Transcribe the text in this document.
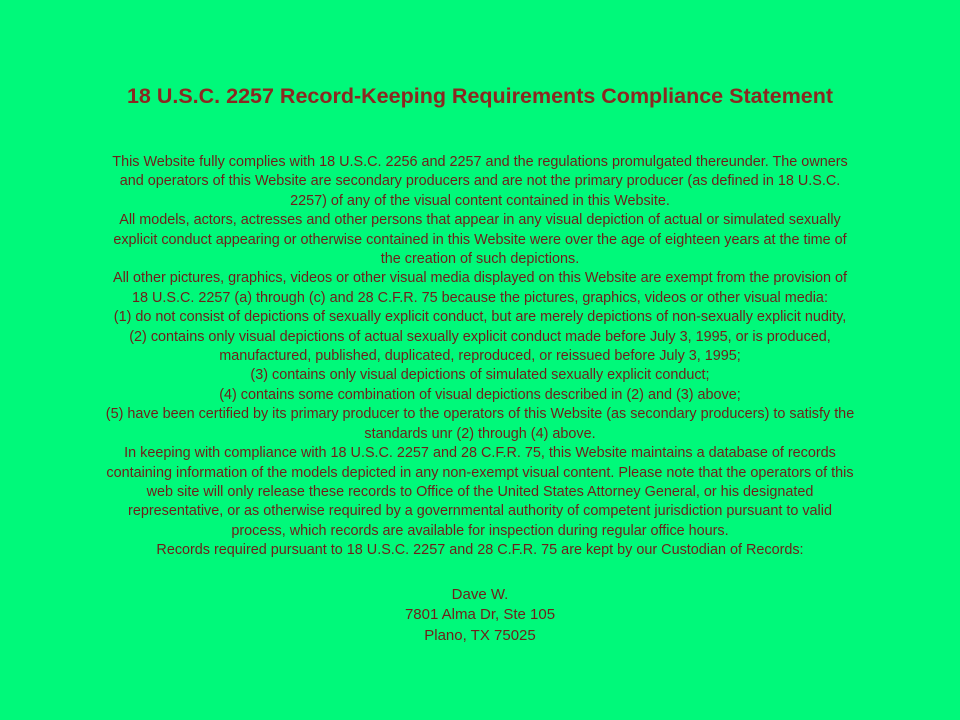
18 U.S.C. 2257 Record-Keeping Requirements Compliance Statement
This Website fully complies with 18 U.S.C. 2256 and 2257 and the regulations promulgated thereunder. The owners
and operators of this Website are secondary producers and are not the primary producer (as defined in 18 U.S.C.
2257) of any of the visual content contained in this Website.
All models, actors, actresses and other persons that appear in any visual depiction of actual or simulated sexually
explicit conduct appearing or otherwise contained in this Website were over the age of eighteen years at the time of
the creation of such depictions.
All other pictures, graphics, videos or other visual media displayed on this Website are exempt from the provision of
18 U.S.C. 2257 (a) through (c) and 28 C.F.R. 75 because the pictures, graphics, videos or other visual media:
(1) do not consist of depictions of sexually explicit conduct, but are merely depictions of non-sexually explicit nudity,
(2) contains only visual depictions of actual sexually explicit conduct made before July 3, 1995, or is produced,
manufactured, published, duplicated, reproduced, or reissued before July 3, 1995;
(3) contains only visual depictions of simulated sexually explicit conduct;
(4) contains some combination of visual depictions described in (2) and (3) above;
(5) have been certified by its primary producer to the operators of this Website (as secondary producers) to satisfy the
standards unr (2) through (4) above.
In keeping with compliance with 18 U.S.C. 2257 and 28 C.F.R. 75, this Website maintains a database of records
containing information of the models depicted in any non-exempt visual content. Please note that the operators of this
web site will only release these records to Office of the United States Attorney General, or his designated
representative, or as otherwise required by a governmental authority of competent jurisdiction pursuant to valid
process, which records are available for inspection during regular office hours.
Records required pursuant to 18 U.S.C. 2257 and 28 C.F.R. 75 are kept by our Custodian of Records:
Dave W.
7801 Alma Dr, Ste 105
Plano, TX 75025
